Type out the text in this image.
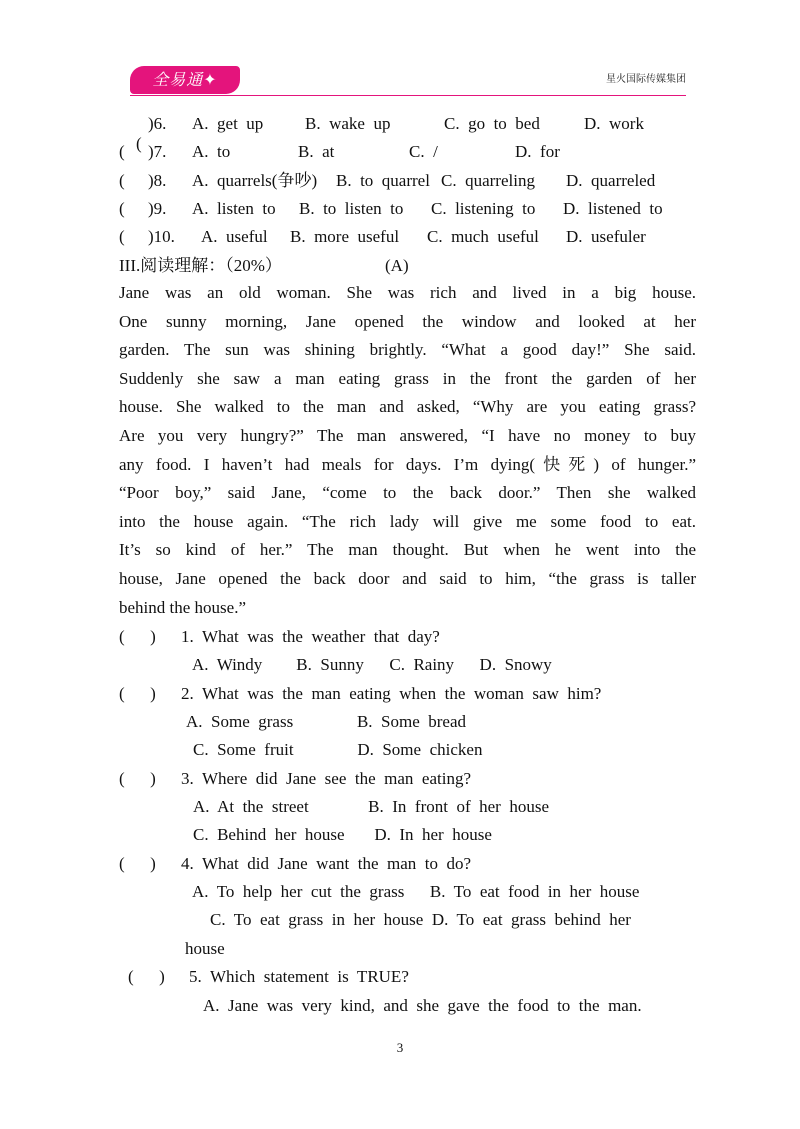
全易通✦	星火国际传媒集团

(

)6. A.  get  up B.  wake  up	C.  go  to  bed	D.  work
( )7. A.  to	B.  at	C.  /	D.  for
( )8. A.  quarrels(争吵) B.  to  quarrel C.  quarreling D.  quarreled
( )9. A.  listen  to B.  to  listen  to C.  listening  to D.  listened  to
( )10. A.  useful B.  more  useful C.  much  useful D.  usefuler
III.阅读理解：（20%）	(A)
Jane was an old woman. She was rich and lived in a big house.
One sunny morning, Jane opened the window and looked at her
garden. The sun was shining brightly. “What a good day!” She said.
Suddenly she saw a man eating grass in the front the garden of her
house. She walked to the man and asked, “Why are you eating grass?
Are you very hungry?” The man answered, “I have no money to buy
any food. I haven’t had meals for days. I’m dying(快死) of hunger.”
“Poor boy,” said Jane, “come to the back door.” Then she walked
into the house again. “The rich lady will give me some food to eat.
It’s so kind of her.” The man thought. But when he went into the
house, Jane opened the back door and said to him, “the grass is taller
behind the house.”
(      ) 1.  What  was  the  weather  that  day?
A.  Windy        B.  Sunny      C.  Rainy      D.  Snowy
(      ) 2.  What  was  the  man  eating  when  the  woman  saw  him?
A.  Some  grass               B.  Some  bread
C.  Some  fruit               D.  Some  chicken
(      ) 3.  Where  did  Jane  see  the  man  eating?
A.  At  the  street              B.  In  front  of  her  house
C.  Behind  her  house       D.  In  her  house
(      ) 4.  What  did  Jane  want  the  man  to  do?
A.  To  help  her  cut  the  grass      B.  To  eat  food  in  her  house
C.  To  eat  grass  in  her  house  D.  To  eat  grass  behind  her
house
(      ) 5.  Which  statement  is  TRUE?
A.  Jane  was  very  kind,  and  she  gave  the  food  to  the  man.
3
